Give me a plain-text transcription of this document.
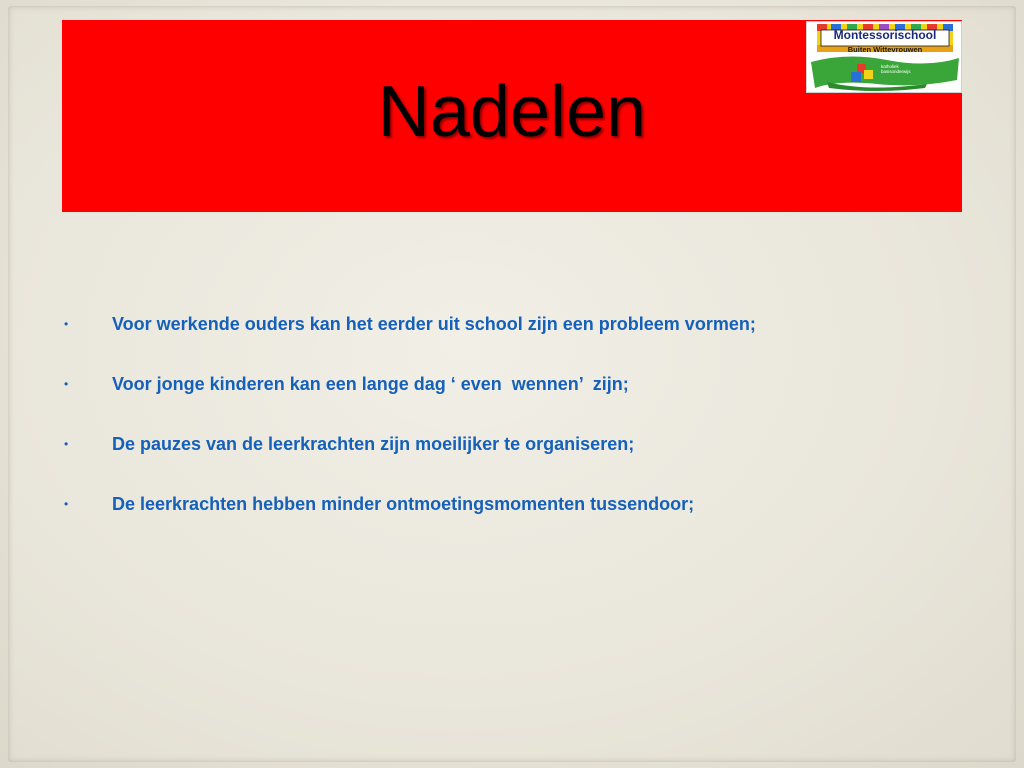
Nadelen
Montessorischool
Buiten Wittevrouwen
katholiek
basisonderwijs
• Voor werkende ouders kan het eerder uit school zijn een probleem vormen;
• Voor jonge kinderen kan een lange dag ‘ even  wennen’  zijn;
• De pauzes van de leerkrachten zijn moeilijker te organiseren;
• De leerkrachten hebben minder ontmoetingsmomenten tussendoor;
